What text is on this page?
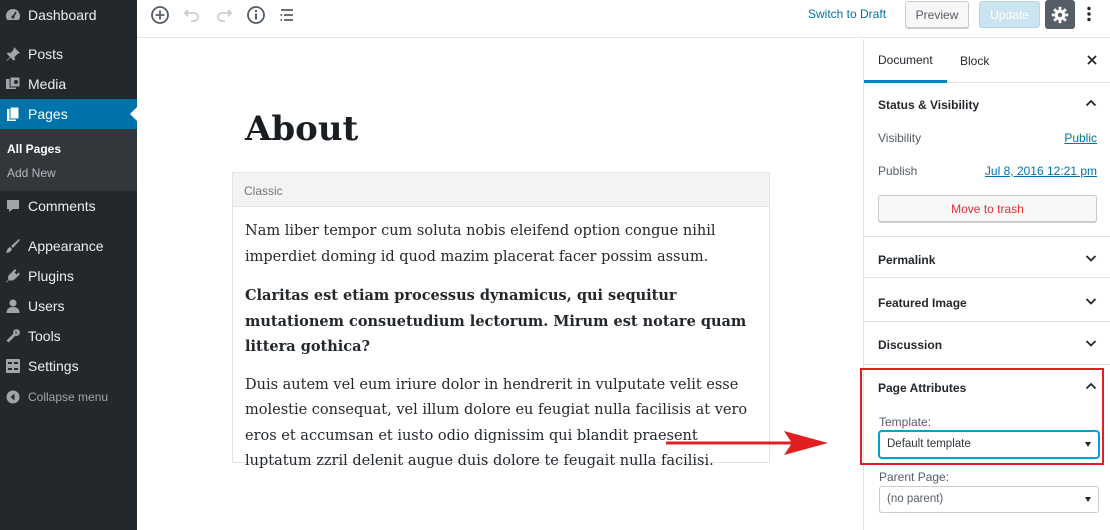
Dashboard
Posts
Media
Pages
All Pages
Add New
Comments
Appearance
Plugins
Users
Tools
Settings
Collapse menu
Switch to Draft	Preview	Update
About
Classic

Nam liber tempor cum soluta nobis eleifend option congue nihil imperdiet doming id quod mazim placerat facer possim assum.

Claritas est etiam processus dynamicus, qui sequitur mutationem consuetudium lectorum. Mirum est notare quam littera gothica?

Duis autem vel eum iriure dolor in hendrerit in vulputate velit esse molestie consequat, vel illum dolore eu feugiat nulla facilisis at vero eros et accumsan et iusto odio dignissim qui blandit praesent luptatum zzril delenit augue duis dolore te feugait nulla facilisi.

Document	Block
Status & Visibility
Visibility	Public
Publish	Jul 8, 2016 12:21 pm
Move to trash
Permalink
Featured Image
Discussion
Page Attributes
Template:
Default template
Parent Page:
(no parent)
